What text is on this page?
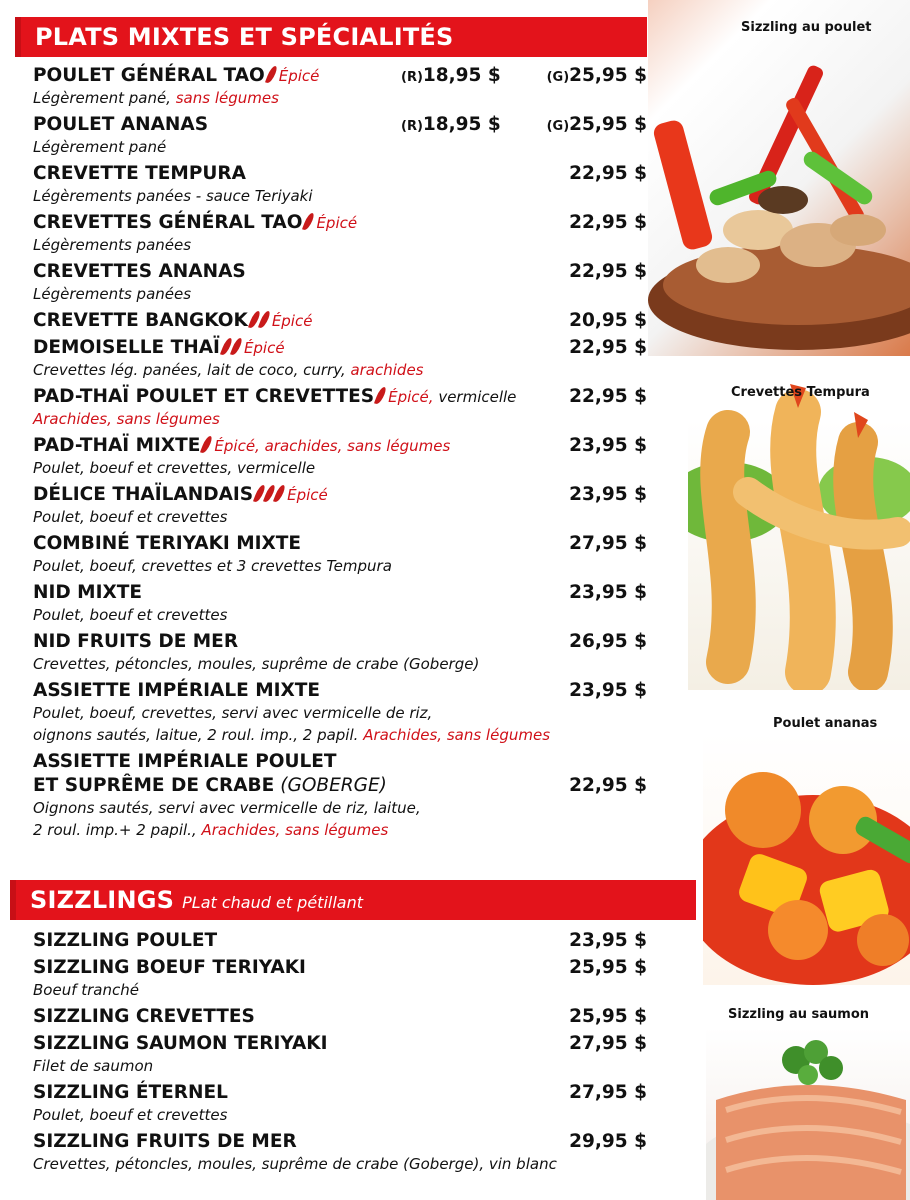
PLATS MIXTES ET SPÉCIALITÉS
POULET GÉNÉRAL TAO Épicé	(R)18,95 $	(G)25,95 $
Légèrement pané, sans légumes
POULET ANANAS	(R)18,95 $	(G)25,95 $
Légèrement pané
CREVETTE TEMPURA	22,95 $
Légèrements panées - sauce Teriyaki
CREVETTES GÉNÉRAL TAO Épicé	22,95 $
Légèrements panées
CREVETTES ANANAS	22,95 $
Légèrements panées
CREVETTE BANGKOK Épicé	20,95 $
DEMOISELLE THAÏ Épicé	22,95 $
Crevettes lég. panées, lait de coco, curry, arachides
PAD-THAÏ POULET ET CREVETTES Épicé, vermicelle	22,95 $
Arachides, sans légumes
PAD-THAÏ MIXTE Épicé, arachides, sans légumes	23,95 $
Poulet, boeuf et crevettes, vermicelle
DÉLICE THAÏLANDAIS Épicé	23,95 $
Poulet, boeuf et crevettes
COMBINÉ TERIYAKI MIXTE	27,95 $
Poulet, boeuf, crevettes et 3 crevettes Tempura
NID MIXTE	23,95 $
Poulet, boeuf et crevettes
NID FRUITS DE MER	26,95 $
Crevettes, pétoncles, moules, suprême de crabe (Goberge)
ASSIETTE IMPÉRIALE MIXTE	23,95 $
Poulet, boeuf, crevettes, servi avec vermicelle de riz,
oignons sautés, laitue, 2 roul. imp., 2 papil. Arachides, sans légumes
ASSIETTE IMPÉRIALE POULET
ET SUPRÊME DE CRABE (GOBERGE)	22,95 $
Oignons sautés, servi avec vermicelle de riz, laitue,
2 roul. imp.+ 2 papil., Arachides, sans légumes
SIZZLINGS PLat chaud et pétillant
SIZZLING POULET	23,95 $
SIZZLING BOEUF TERIYAKI	25,95 $
Boeuf tranché
SIZZLING CREVETTES	25,95 $
SIZZLING SAUMON TERIYAKI	27,95 $
Filet de saumon
SIZZLING ÉTERNEL	27,95 $
Poulet, boeuf et crevettes
SIZZLING FRUITS DE MER	29,95 $
Crevettes, pétoncles, moules, suprême de crabe (Goberge), vin blanc
Sizzling au poulet
Crevettes Tempura
Poulet ananas
Sizzling au saumon
